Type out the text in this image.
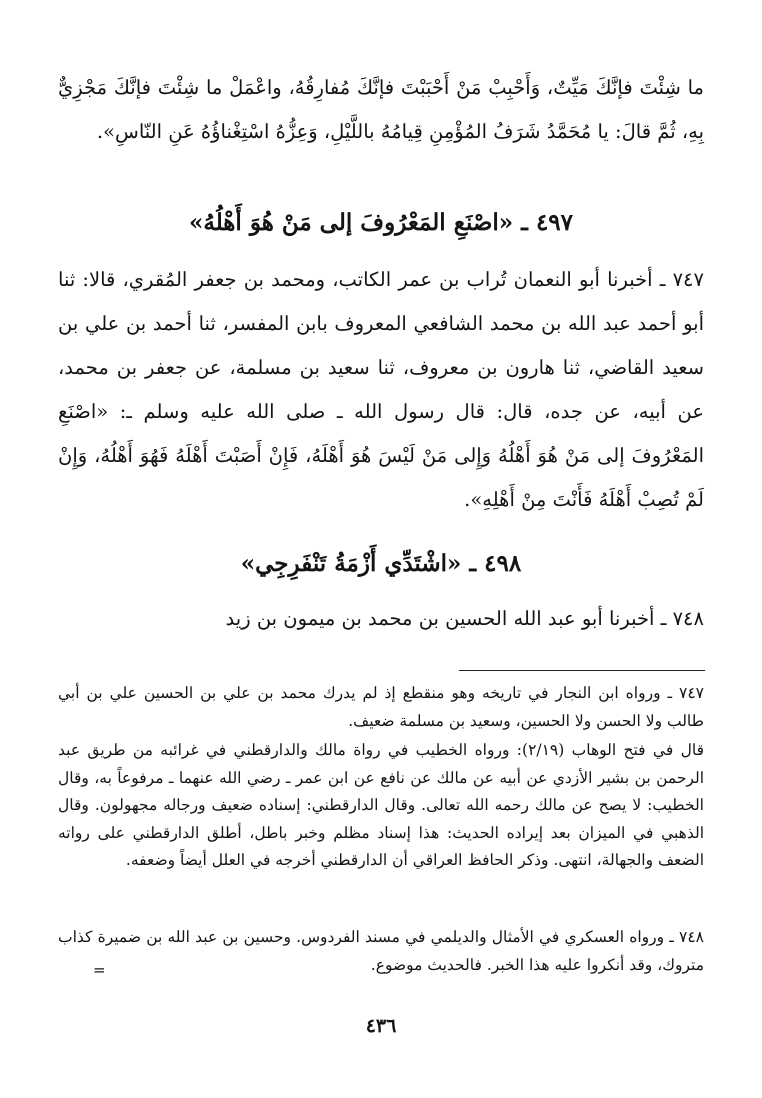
ما شِئْتَ فإنَّكَ مَيِّتٌ، وَأَحْبِبْ مَنْ أَحْبَبْتَ فإنَّكَ مُفارِقُهُ، واعْمَلْ ما شِئْتَ فإنَّكَ مَجْزِيٌّ بِهِ، ثُمَّ قالَ: يا مُحَمَّدُ شَرَفُ المُؤْمِنِ قِيامُهُ باللَّيْلِ، وَعِزُّهُ اسْتِغْناؤُهُ عَنِ النّاسِ».

٤٩٧ ـ «اصْنَعِ المَعْرُوفَ إلى مَنْ هُوَ أَهْلُهُ»

٧٤٧ ـ أخبرنا أبو النعمان تُراب بن عمر الكاتب، ومحمد بن جعفر المُقري، قالا: ثنا أبو أحمد عبد الله بن محمد الشافعي المعروف بابن المفسر، ثنا أحمد بن علي بن سعيد القاضي، ثنا هارون بن معروف، ثنا سعيد بن مسلمة، عن جعفر بن محمد، عن أبيه، عن جده، قال: قال رسول الله ـ صلى الله عليه وسلم ـ: «اصْنَعِ المَعْرُوفَ إلى مَنْ هُوَ أَهْلُهُ وَإِلى مَنْ لَيْسَ هُوَ أَهْلَهُ، فَإِنْ أَصَبْتَ أَهْلَهُ فَهُوَ أَهْلُهُ، وَإِنْ لَمْ تُصِبْ أَهْلَهُ فَأَنْتَ مِنْ أَهْلِهِ».

٤٩٨ ـ «اشْتَدِّي أَزْمَةُ تَنْفَرِجِي»

٧٤٨ ـ أخبرنا أبو عبد الله الحسين بن محمد بن ميمون بن زيد

٧٤٧ ـ ورواه ابن النجار في تاريخه وهو منقطع إذ لم يدرك محمد بن علي بن الحسين علي بن أبي طالب ولا الحسن ولا الحسين، وسعيد بن مسلمة ضعيف.

قال في فتح الوهاب (٢/١٩): ورواه الخطيب في رواة مالك والدارقطني في غرائبه من طريق عبد الرحمن بن بشير الأزدي عن أبيه عن مالك عن نافع عن ابن عمر ـ رضي الله عنهما ـ مرفوعاً به، وقال الخطيب: لا يصح عن مالك رحمه الله تعالى. وقال الدارقطني: إسناده ضعيف ورجاله مجهولون. وقال الذهبي في الميزان بعد إيراده الحديث: هذا إسناد مظلم وخبر باطل، أطلق الدارقطني على رواته الضعف والجهالة، انتهى. وذكر الحافظ العراقي أن الدارقطني أخرجه في العلل أيضاً وضعفه.

٧٤٨ ـ ورواه العسكري في الأمثال والديلمي في مسند الفردوس. وحسين بن عبد الله بن ضميرة كذاب متروك، وقد أنكروا عليه هذا الخبر. فالحديث موضوع.

=
٤٣٦
